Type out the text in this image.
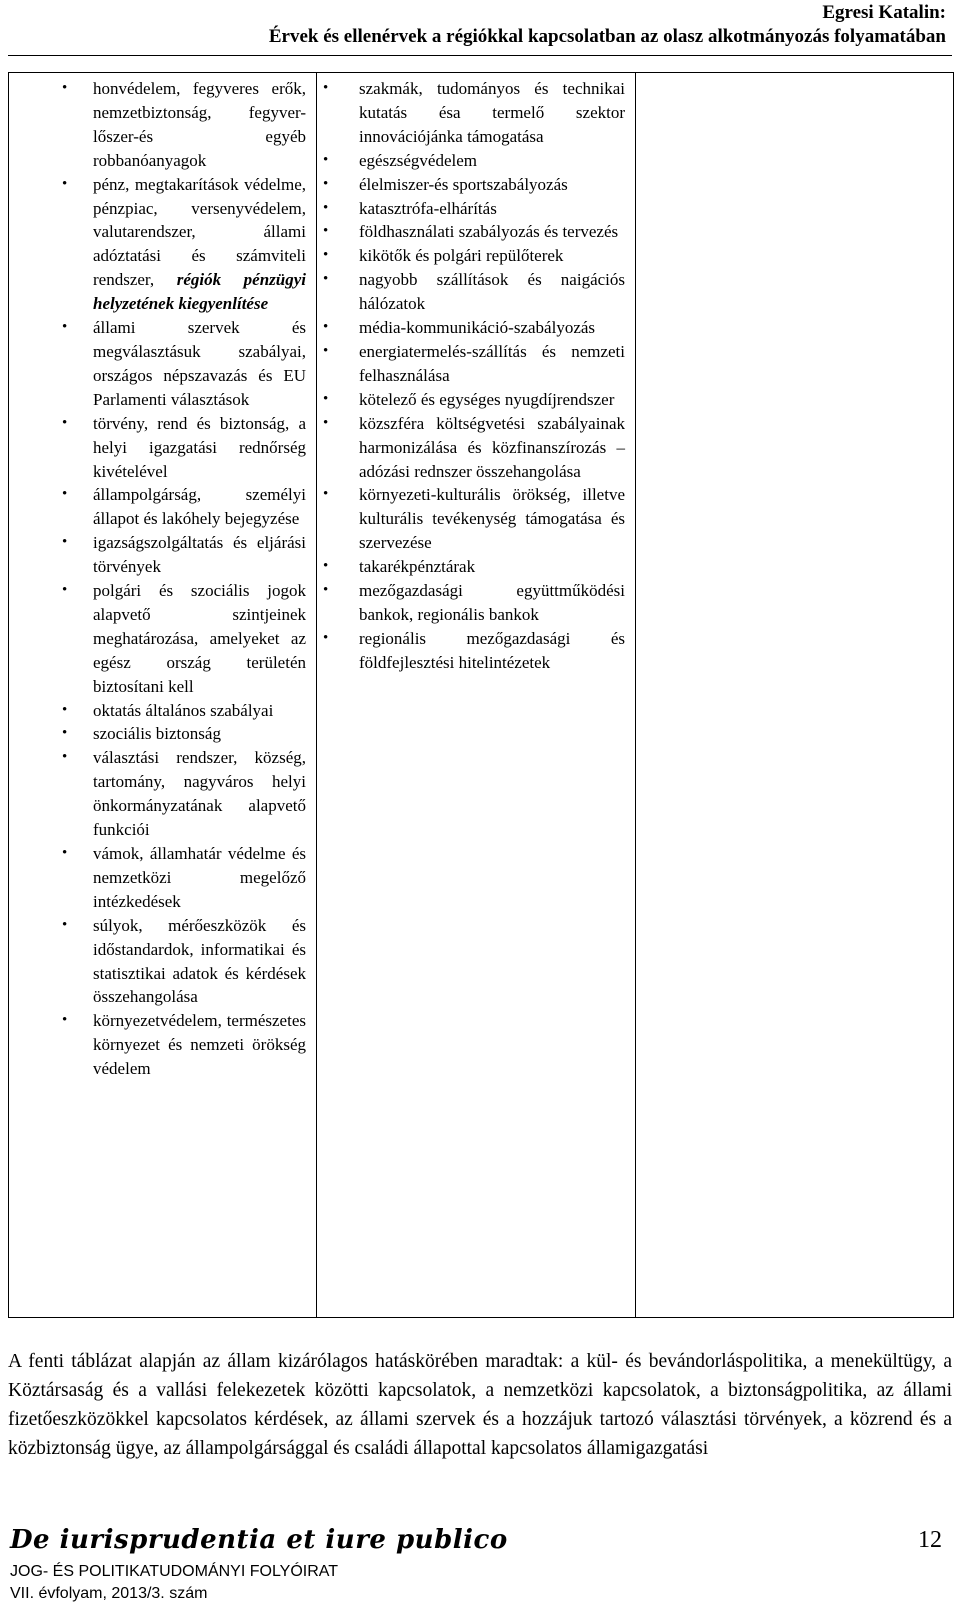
Egresi Katalin:
Érvek és ellenérvek a régiókkal kapcsolatban az olasz alkotmányozás folyamatában
• honvédelem, fegyveres erők, nemzetbiztonság, fegyver-lőszer-és egyéb robbanóanyagok
• pénz, megtakarítások védelme, pénzpiac, versenyvédelem, valutarendszer, állami adóztatási és számviteli rendszer, régiók pénzügyi helyzetének kiegyenlítése
• állami szervek és megválasztásuk szabályai, országos népszavazás és EU Parlamenti választások
• törvény, rend és biztonság, a helyi igazgatási rednőrség kivételével
• állampolgárság, személyi állapot és lakóhely bejegyzése
• igazságszolgáltatás és eljárási törvények
• polgári és szociális jogok alapvető szintjeinek meghatározása, amelyeket az egész ország területén biztosítani kell
• oktatás általános szabályai
• szociális biztonság
• választási rendszer, község, tartomány, nagyváros helyi önkormányzatának alapvető funkciói
• vámok, államhatár védelme és nemzetközi megelőző intézkedések
• súlyok, mérőeszközök és időstandardok, informatikai és statisztikai adatok és kérdések összehangolása
• környezetvédelem, természetes környezet és nemzeti örökség védelem

• szakmák, tudományos és technikai kutatás ésa termelő szektor innovációjánka támogatása
• egészségvédelem
• élelmiszer-és sportszabályozás
• katasztrófa-elhárítás
• földhasználati szabályozás és tervezés
• kikötők és polgári repülőterek
• nagyobb szállítások és naigációs hálózatok
• média-kommunikáció-szabályozás
• energiatermelés-szállítás és nemzeti felhasználása
• kötelező és egységes nyugdíjrendszer
• közszféra költségvetési szabályainak harmonizálása és közfinanszírozás – adózási rednszer összehangolása
• környezeti-kulturális örökség, illetve kulturális tevékenység támogatása és szervezése
• takarékpénztárak
• mezőgazdasági együttműködési bankok, regionális bankok
• regionális mezőgazdasági és földfejlesztési hitelintézetek

A fenti táblázat alapján az állam kizárólagos hatáskörében maradtak: a kül- és bevándorláspolitika, a menekültügy, a Köztársaság és a vallási felekezetek közötti kapcsolatok, a nemzetközi kapcsolatok, a biztonságpolitika, az állami fizetőeszközökkel kapcsolatos kérdések, az állami szervek és a hozzájuk tartozó választási törvények, a közrend és a közbiztonság ügye, az állampolgársággal és családi állapottal kapcsolatos államigazgatási

De iurisprudentia et iure publico	12
JOG- ÉS POLITIKATUDOMÁNYI FOLYÓIRAT
VII. évfolyam, 2013/3. szám
